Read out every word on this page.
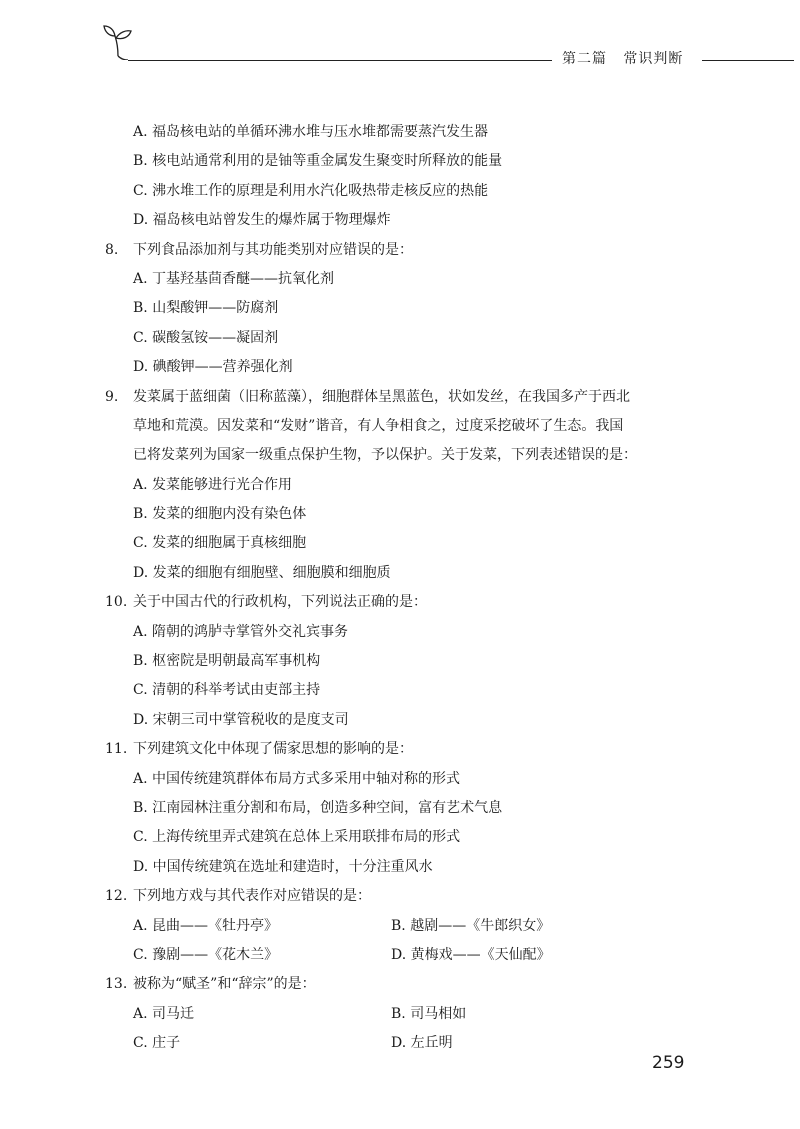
第二篇 常识判断
A. 福岛核电站的单循环沸水堆与压水堆都需要蒸汽发生器
B. 核电站通常利用的是铀等重金属发生聚变时所释放的能量
C. 沸水堆工作的原理是利用水汽化吸热带走核反应的热能
D. 福岛核电站曾发生的爆炸属于物理爆炸
8. 下列食品添加剂与其功能类别对应错误的是：
A. 丁基羟基茴香醚——抗氧化剂
B. 山梨酸钾——防腐剂
C. 碳酸氢铵——凝固剂
D. 碘酸钾——营养强化剂
9. 发菜属于蓝细菌（旧称蓝藻），细胞群体呈黑蓝色，状如发丝，在我国多产于西北
草地和荒漠。因发菜和“发财”谐音，有人争相食之，过度采挖破坏了生态。我国
已将发菜列为国家一级重点保护生物，予以保护。关于发菜，下列表述错误的是：
A. 发菜能够进行光合作用
B. 发菜的细胞内没有染色体
C. 发菜的细胞属于真核细胞
D. 发菜的细胞有细胞壁、细胞膜和细胞质
10. 关于中国古代的行政机构，下列说法正确的是：
A. 隋朝的鸿胪寺掌管外交礼宾事务
B. 枢密院是明朝最高军事机构
C. 清朝的科举考试由吏部主持
D. 宋朝三司中掌管税收的是度支司
11. 下列建筑文化中体现了儒家思想的影响的是：
A. 中国传统建筑群体布局方式多采用中轴对称的形式
B. 江南园林注重分割和布局，创造多种空间，富有艺术气息
C. 上海传统里弄式建筑在总体上采用联排布局的形式
D. 中国传统建筑在选址和建造时，十分注重风水
12. 下列地方戏与其代表作对应错误的是：
A. 昆曲——《牡丹亭》	B. 越剧——《牛郎织女》
C. 豫剧——《花木兰》	D. 黄梅戏——《天仙配》
13. 被称为“赋圣”和“辞宗”的是：
A. 司马迁	B. 司马相如
C. 庄子	D. 左丘明
259
